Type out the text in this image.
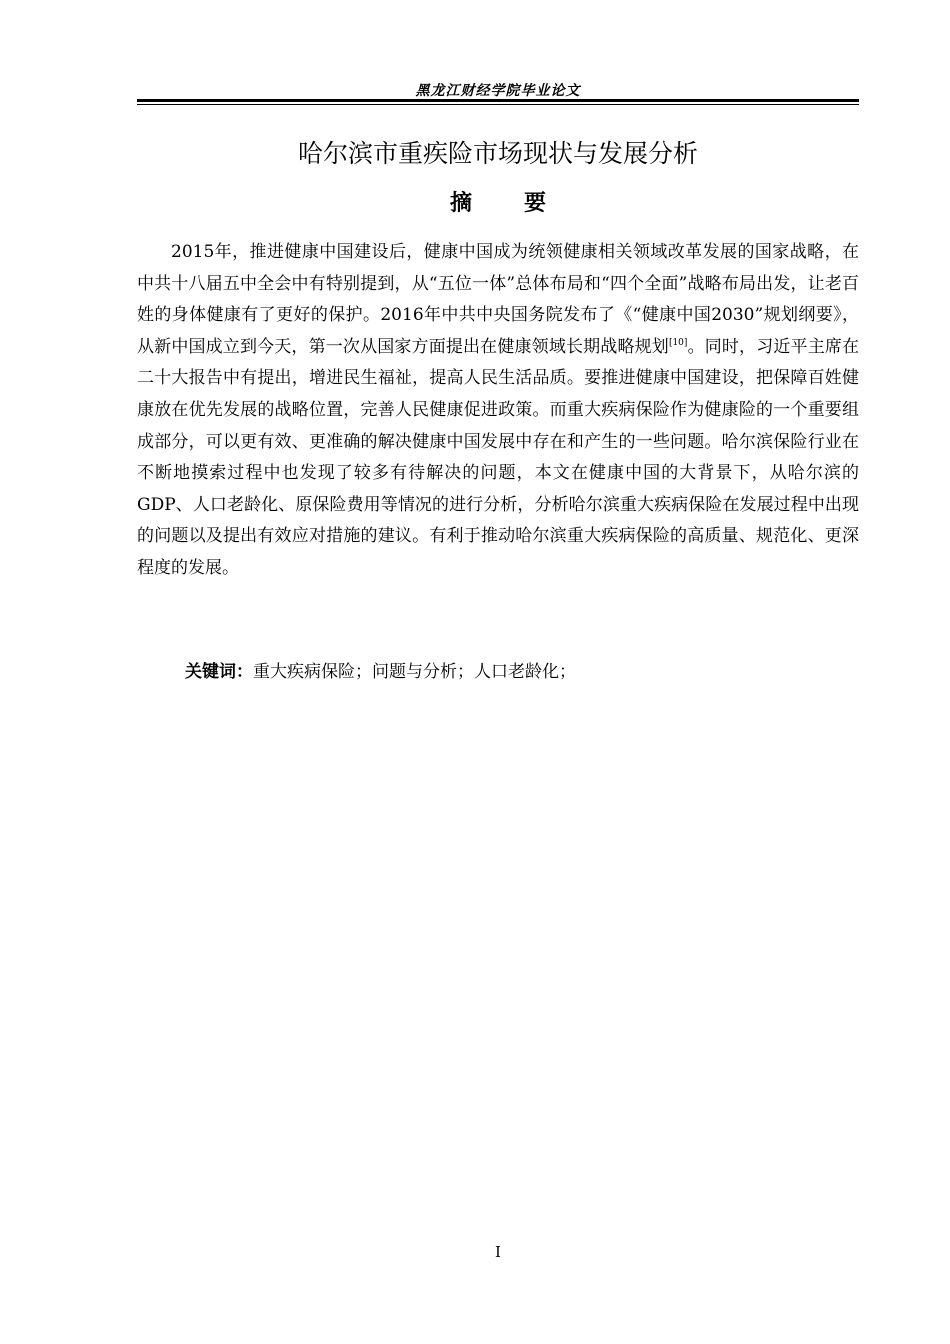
黑龙江财经学院毕业论文
哈尔滨市重疾险市场现状与发展分析
摘要

2015年，推进健康中国建设后，健康中国成为统领健康相关领域改革发展的国家战略，在中共十八届五中全会中有特别提到，从“五位一体”总体布局和“四个全面”战略布局出发，让老百姓的身体健康有了更好的保护。2016年中共中央国务院发布了《“健康中国2030”规划纲要》，从新中国成立到今天，第一次从国家方面提出在健康领域长期战略规划[10]。同时，习近平主席在二十大报告中有提出，增进民生福祉，提高人民生活品质。要推进健康中国建设，把保障百姓健康放在优先发展的战略位置，完善人民健康促进政策。而重大疾病保险作为健康险的一个重要组成部分，可以更有效、更准确的解决健康中国发展中存在和产生的一些问题。哈尔滨保险行业在不断地摸索过程中也发现了较多有待解决的问题，本文在健康中国的大背景下，从哈尔滨的GDP、人口老龄化、原保险费用等情况的进行分析，分析哈尔滨重大疾病保险在发展过程中出现的问题以及提出有效应对措施的建议。有利于推动哈尔滨重大疾病保险的高质量、规范化、更深程度的发展。

关键词：重大疾病保险；问题与分析；人口老龄化；
I
